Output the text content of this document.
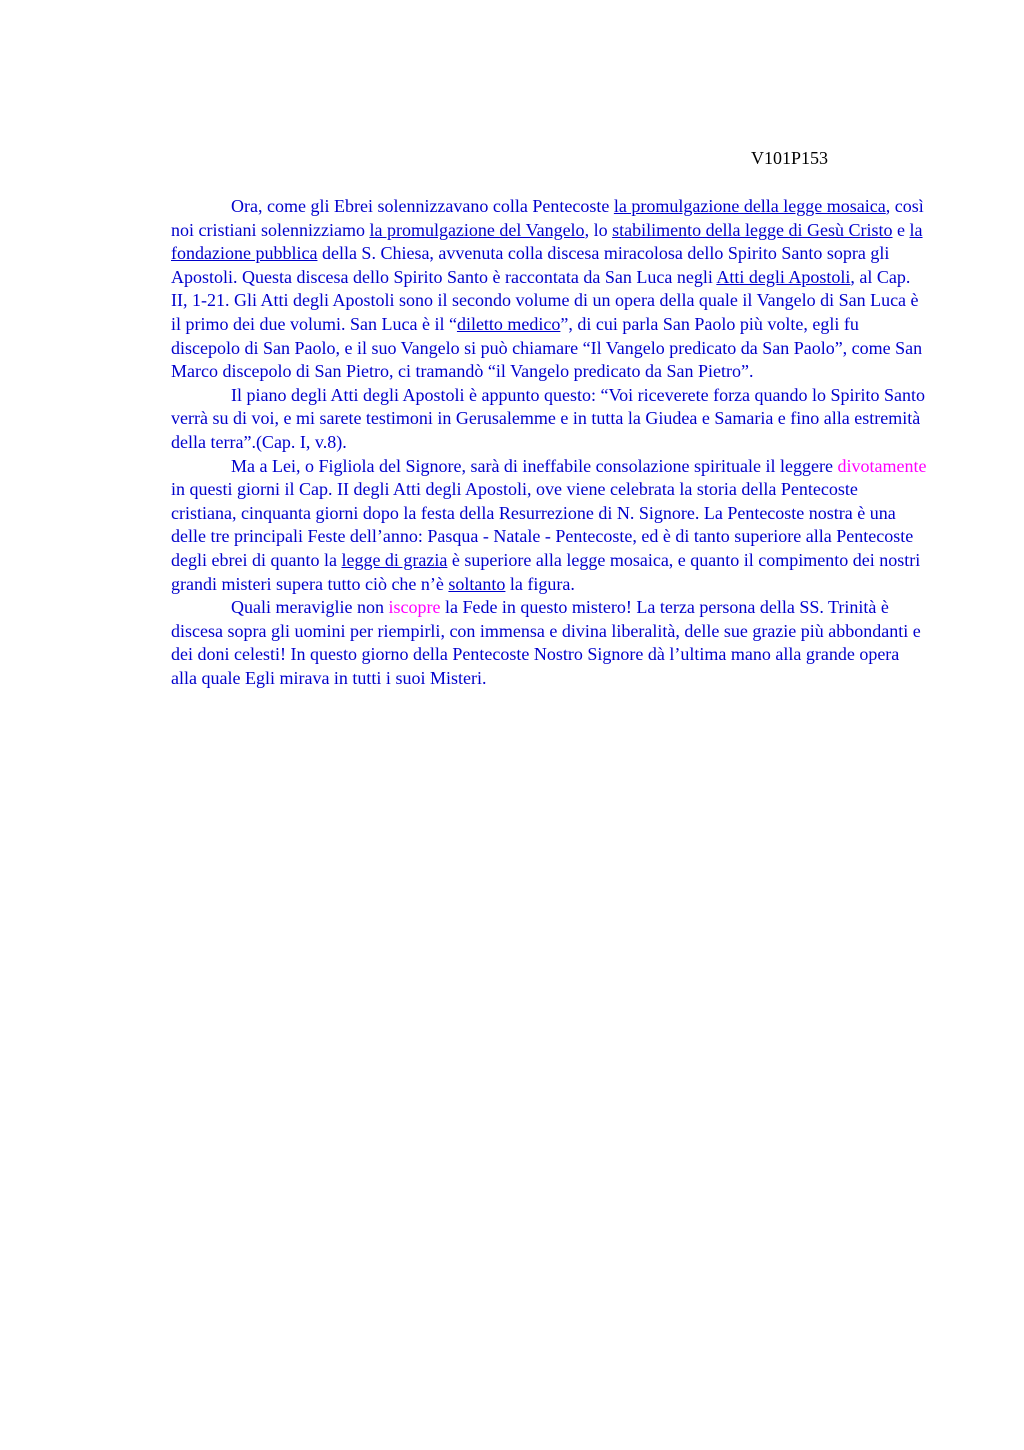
V101P153

Ora, come gli Ebrei solennizzavano colla Pentecoste la promulgazione della legge mosaica, così noi cristiani solennizziamo la promulgazione del Vangelo, lo stabilimento della legge di Gesù Cristo e la fondazione pubblica della S. Chiesa, avvenuta colla discesa miracolosa dello Spirito Santo sopra gli Apostoli. Questa discesa dello Spirito Santo è raccontata da San Luca negli Atti degli Apostoli, al Cap. II, 1-21. Gli Atti degli Apostoli sono il secondo volume di un opera della quale il Vangelo di San Luca è il primo dei due volumi. San Luca è il “diletto medico”, di cui parla San Paolo più volte, egli fu discepolo di San Paolo, e il suo Vangelo si può chiamare “Il Vangelo predicato da San Paolo”, come San Marco discepolo di San Pietro, ci tramandò “il Vangelo predicato da San Pietro”.

Il piano degli Atti degli Apostoli è appunto questo: “Voi riceverete forza quando lo Spirito Santo verrà su di voi, e mi sarete testimoni in Gerusalemme e in tutta la Giudea e Samaria e fino alla estremità della terra”.(Cap. I, v.8).

Ma a Lei, o Figliola del Signore, sarà di ineffabile consolazione spirituale il leggere divotamente in questi giorni il Cap. II degli Atti degli Apostoli, ove viene celebrata la storia della Pentecoste cristiana, cinquanta giorni dopo la festa della Resurrezione di N. Signore. La Pentecoste nostra è una delle tre principali Feste dell’anno: Pasqua - Natale - Pentecoste, ed è di tanto superiore alla Pentecoste degli ebrei di quanto la legge di grazia è superiore alla legge mosaica, e quanto il compimento dei nostri grandi misteri supera tutto ciò che n’è soltanto la figura.

Quali meraviglie non iscopre la Fede in questo mistero! La terza persona della SS. Trinità è discesa sopra gli uomini per riempirli, con immensa e divina liberalità, delle sue grazie più abbondanti e dei doni celesti! In questo giorno della Pentecoste Nostro Signore dà l’ultima mano alla grande opera alla quale Egli mirava in tutti i suoi Misteri.
